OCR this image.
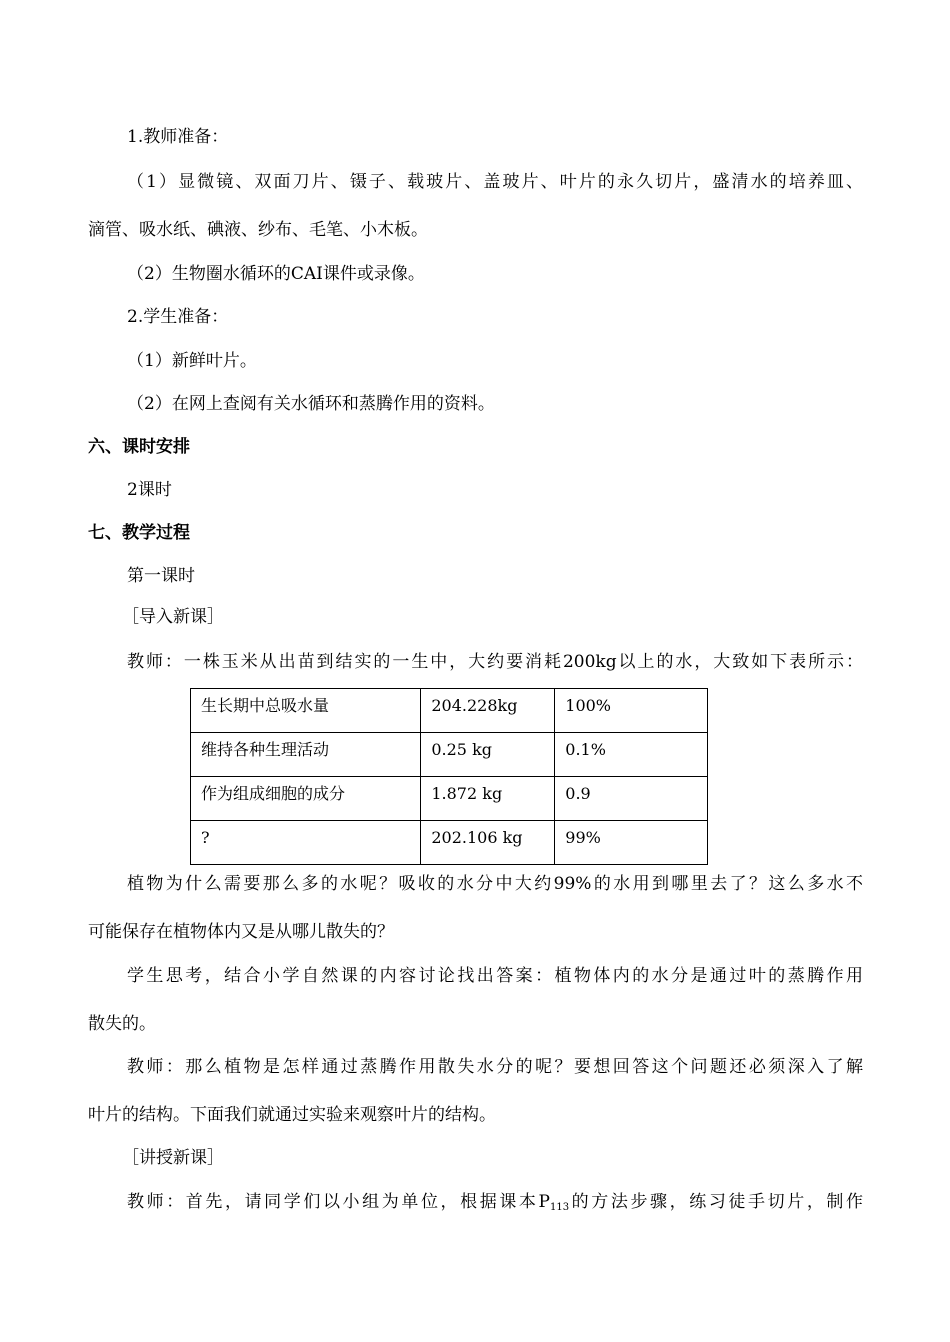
1.教师准备：
（1）显微镜、双面刀片、镊子、载玻片、盖玻片、叶片的永久切片，盛清水的培养皿、
滴管、吸水纸、碘液、纱布、毛笔、小木板。
（2）生物圈水循环的CAI课件或录像。
2.学生准备：
（1）新鲜叶片。
（2）在网上查阅有关水循环和蒸腾作用的资料。
六、课时安排
2课时
七、教学过程
第一课时
［导入新课］
教师：一株玉米从出苗到结实的一生中，大约要消耗200kg以上的水，大致如下表所示：
生长期中总吸水量	204.228kg	100%
维持各种生理活动	0.25 kg	0.1%
作为组成细胞的成分	1.872 kg	0.9
?	202.106 kg	99%
植物为什么需要那么多的水呢？吸收的水分中大约99%的水用到哪里去了？这么多水不
可能保存在植物体内又是从哪儿散失的？
学生思考，结合小学自然课的内容讨论找出答案：植物体内的水分是通过叶的蒸腾作用
散失的。
教师：那么植物是怎样通过蒸腾作用散失水分的呢？要想回答这个问题还必须深入了解
叶片的结构。下面我们就通过实验来观察叶片的结构。
［讲授新课］
教师：首先，请同学们以小组为单位，根据课本$P_{113}$的方法步骤，练习徒手切片，制作
